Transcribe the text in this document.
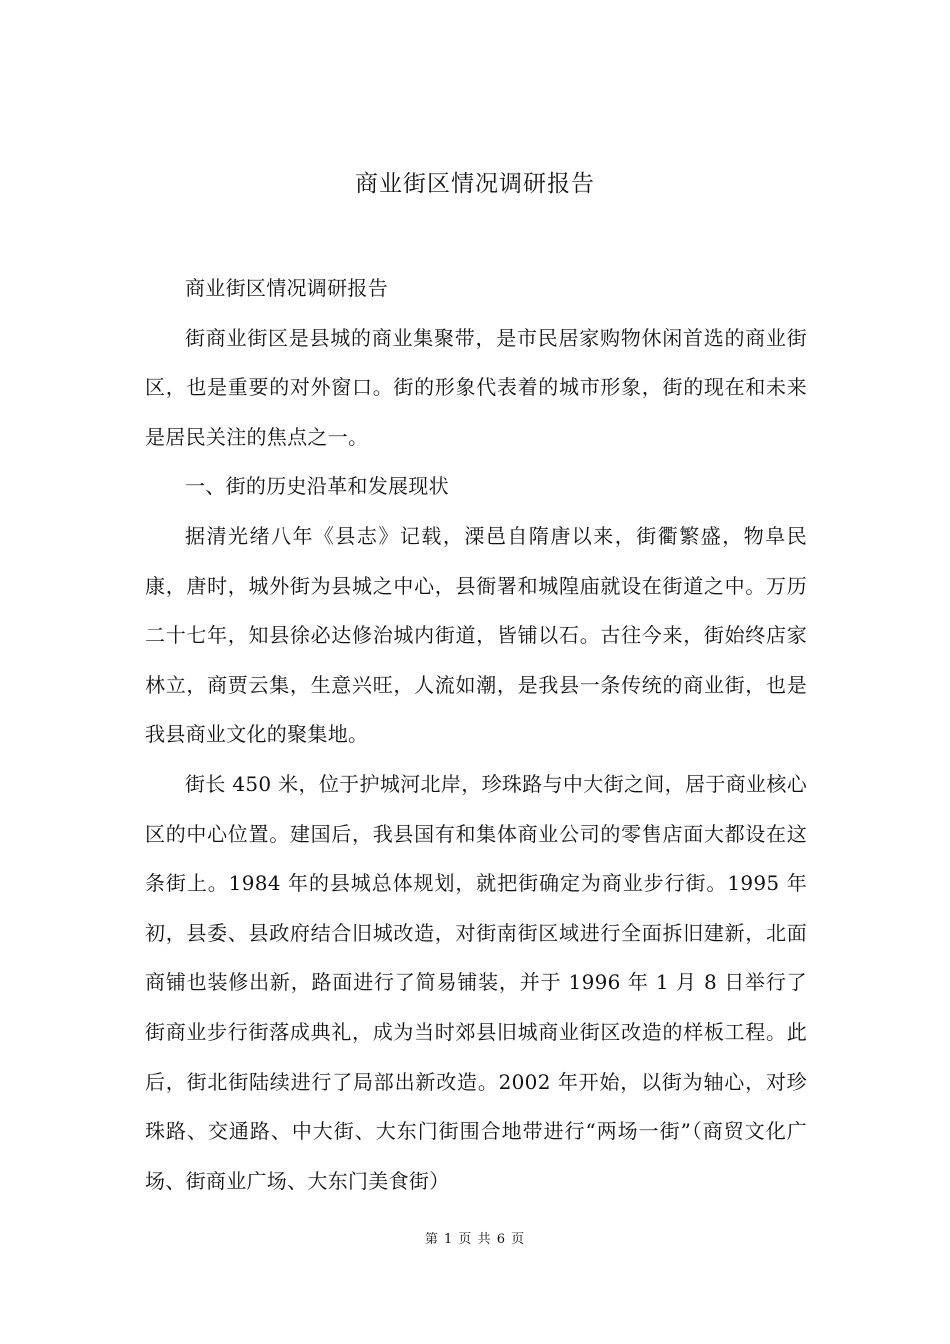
商业街区情况调研报告

商业街区情况调研报告

街商业街区是县城的商业集聚带，是市民居家购物休闲首选的商业街区，也是重要的对外窗口。街的形象代表着的城市形象，街的现在和未来是居民关注的焦点之一。

一、街的历史沿革和发展现状

据清光绪八年《县志》记载，溧邑自隋唐以来，街衢繁盛，物阜民康，唐时，城外街为县城之中心，县衙署和城隍庙就设在街道之中。万历二十七年，知县徐必达修治城内街道，皆铺以石。古往今来，街始终店家林立，商贾云集，生意兴旺，人流如潮，是我县一条传统的商业街，也是我县商业文化的聚集地。

街长 450 米，位于护城河北岸，珍珠路与中大街之间，居于商业核心区的中心位置。建国后，我县国有和集体商业公司的零售店面大都设在这条街上。1984 年的县城总体规划，就把街确定为商业步行街。1995 年初，县委、县政府结合旧城改造，对街南街区域进行全面拆旧建新，北面商铺也装修出新，路面进行了简易铺装，并于 1996 年 1 月 8 日举行了街商业步行街落成典礼，成为当时郊县旧城商业街区改造的样板工程。此后，街北街陆续进行了局部出新改造。2002 年开始，以街为轴心，对珍珠路、交通路、中大街、大东门街围合地带进行“两场一街”（商贸文化广场、街商业广场、大东门美食街）

第 1 页 共 6 页
